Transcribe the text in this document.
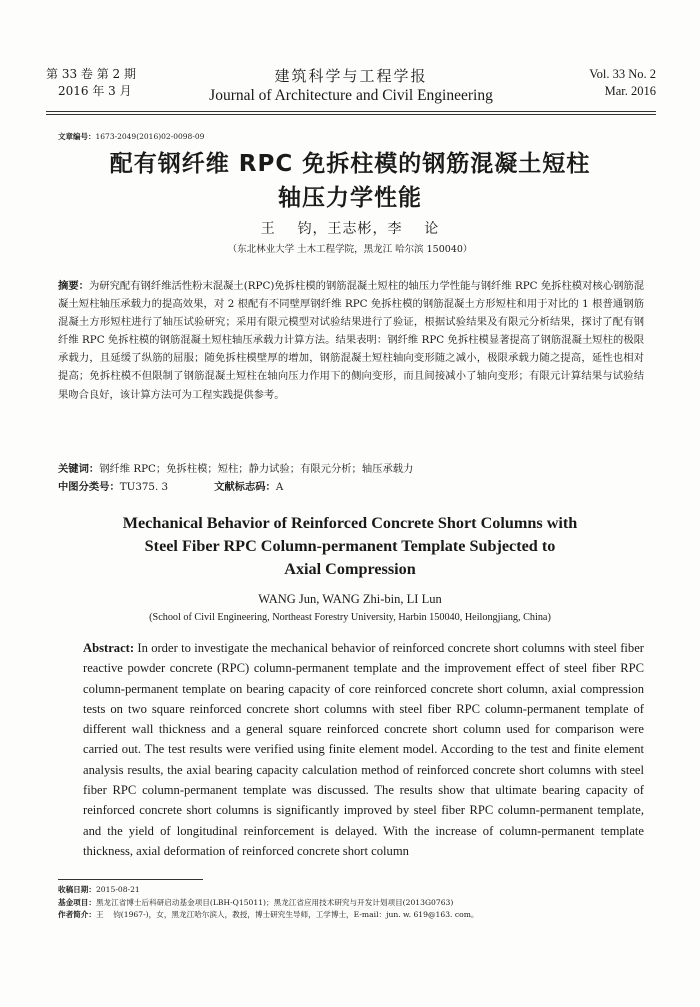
第 33 卷 第 2 期
2016 年 3 月
建筑科学与工程学报
Journal of Architecture and Civil Engineering
Vol. 33 No. 2
Mar. 2016
文章编号：1673-2049(2016)02-0098-09
配有钢纤维 RPC 免拆柱模的钢筋混凝土短柱
轴压力学性能
王    钧，王志彬，李    论
（东北林业大学 土木工程学院，黑龙江 哈尔滨 150040）
摘要：为研究配有钢纤维活性粉末混凝土(RPC)免拆柱模的钢筋混凝土短柱的轴压力学性能与钢纤维 RPC 免拆柱模对核心钢筋混凝土短柱轴压承载力的提高效果，对 2 根配有不同壁厚钢纤维 RPC 免拆柱模的钢筋混凝土方形短柱和用于对比的 1 根普通钢筋混凝土方形短柱进行了轴压试验研究；采用有限元模型对试验结果进行了验证，根据试验结果及有限元分析结果，探讨了配有钢纤维 RPC 免拆柱模的钢筋混凝土短柱轴压承载力计算方法。结果表明：钢纤维 RPC 免拆柱模显著提高了钢筋混凝土短柱的极限承载力，且延缓了纵筋的屈服；随免拆柱模壁厚的增加，钢筋混凝土短柱轴向变形随之减小，极限承载力随之提高，延性也相对提高；免拆柱模不但限制了钢筋混凝土短柱在轴向压力作用下的侧向变形，而且间接减小了轴向变形；有限元计算结果与试验结果吻合良好，该计算方法可为工程实践提供参考。
关键词：钢纤维 RPC；免拆柱模；短柱；静力试验；有限元分析；轴压承载力
中图分类号：TU375. 3	文献标志码：A
Mechanical Behavior of Reinforced Concrete Short Columns with
Steel Fiber RPC Column-permanent Template Subjected to
Axial Compression
WANG Jun, WANG Zhi-bin, LI Lun
(School of Civil Engineering, Northeast Forestry University, Harbin 150040, Heilongjiang, China)
Abstract: In order to investigate the mechanical behavior of reinforced concrete short columns with steel fiber reactive powder concrete (RPC) column-permanent template and the improvement effect of steel fiber RPC column-permanent template on bearing capacity of core reinforced concrete short column, axial compression tests on two square reinforced concrete short columns with steel fiber RPC column-permanent template of different wall thickness and a general square reinforced concrete short column used for comparison were carried out. The test results were verified using finite element model. According to the test and finite element analysis results, the axial bearing capacity calculation method of reinforced concrete short columns with steel fiber RPC column-permanent template was discussed. The results show that ultimate bearing capacity of reinforced concrete short columns is significantly improved by steel fiber RPC column-permanent template, and the yield of longitudinal reinforcement is delayed. With the increase of column-permanent template thickness, axial deformation of reinforced concrete short column
收稿日期：2015-08-21
基金项目：黑龙江省博士后科研启动基金项目(LBH-Q15011)；黑龙江省应用技术研究与开发计划项目(2013G0763)
作者简介：王    钧(1967-)，女，黑龙江哈尔滨人，教授，博士研究生导师，工学博士，E-mail：jun. w. 619@163. com。
